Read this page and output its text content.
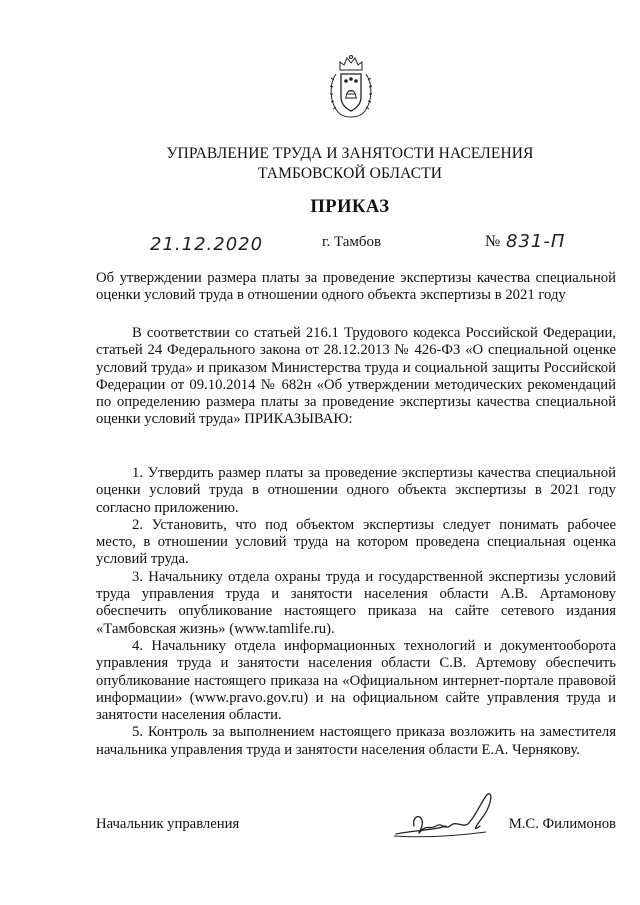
УПРАВЛЕНИЕ ТРУДА И ЗАНЯТОСТИ НАСЕЛЕНИЯ
ТАМБОВСКОЙ ОБЛАСТИ
ПРИКАЗ
21.12.2020	г. Тамбов	№ 831-П
Об утверждении размера платы за проведение экспертизы качества специальной оценки условий труда в отношении одного объекта экспертизы в 2021 году
В соответствии со статьей 216.1 Трудового кодекса Российской Федерации, статьей 24 Федерального закона от 28.12.2013 № 426-ФЗ «О специальной оценке условий труда» и приказом Министерства труда и социальной защиты Российской Федерации от 09.10.2014 № 682н «Об утверждении методических рекомендаций по определению размера платы за проведение экспертизы качества специальной оценки условий труда» ПРИКАЗЫВАЮ:

1. Утвердить размер платы за проведение экспертизы качества специальной оценки условий труда в отношении одного объекта экспертизы в 2021 году согласно приложению.

2. Установить, что под объектом экспертизы следует понимать рабочее место, в отношении условий труда на котором проведена специальная оценка условий труда.

3. Начальнику отдела охраны труда и государственной экспертизы условий труда управления труда и занятости населения области А.В. Артамонову обеспечить опубликование настоящего приказа на сайте сетевого издания «Тамбовская жизнь» (www.tamlife.ru).

4. Начальнику отдела информационных технологий и документооборота управления труда и занятости населения области С.В. Артемову обеспечить опубликование настоящего приказа на «Официальном интернет-портале правовой информации» (www.pravo.gov.ru) и на официальном сайте управления труда и занятости населения области.

5. Контроль за выполнением настоящего приказа возложить на заместителя начальника управления труда и занятости населения области Е.А. Чернякову.

Начальник управления	М.С. Филимонов
